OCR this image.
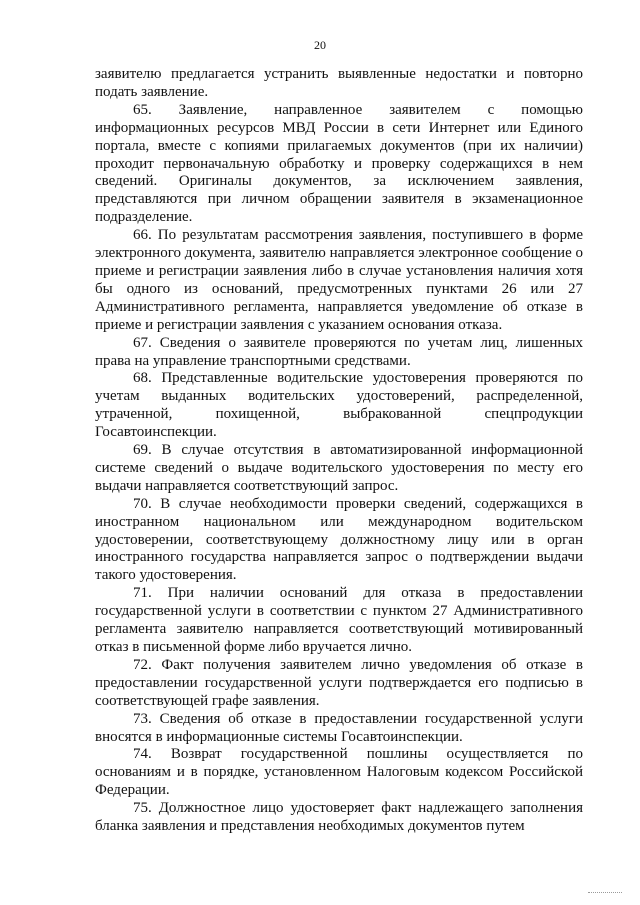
20

заявителю предлагается устранить выявленные недостатки и повторно подать заявление.

65. Заявление, направленное заявителем с помощью информационных ресурсов МВД России в сети Интернет или Единого портала, вместе с копиями прилагаемых документов (при их наличии) проходит первоначальную обработку и проверку содержащихся в нем сведений. Оригиналы документов, за исключением заявления, представляются при личном обращении заявителя в экзаменационное подразделение.

66. По результатам рассмотрения заявления, поступившего в форме электронного документа, заявителю направляется электронное сообщение о приеме и регистрации заявления либо в случае установления наличия хотя бы одного из оснований, предусмотренных пунктами 26 или 27 Административного регламента, направляется уведомление об отказе в приеме и регистрации заявления с указанием основания отказа.

67. Сведения о заявителе проверяются по учетам лиц, лишенных права на управление транспортными средствами.

68. Представленные водительские удостоверения проверяются по учетам выданных водительских удостоверений, распределенной, утраченной, похищенной, выбракованной спецпродукции Госавтоинспекции.

69. В случае отсутствия в автоматизированной информационной системе сведений о выдаче водительского удостоверения по месту его выдачи направляется соответствующий запрос.

70. В случае необходимости проверки сведений, содержащихся в иностранном национальном или международном водительском удостоверении, соответствующему должностному лицу или в орган иностранного государства направляется запрос о подтверждении выдачи такого удостоверения.

71. При наличии оснований для отказа в предоставлении государственной услуги в соответствии с пунктом 27 Административного регламента заявителю направляется соответствующий мотивированный отказ в письменной форме либо вручается лично.

72. Факт получения заявителем лично уведомления об отказе в предоставлении государственной услуги подтверждается его подписью в соответствующей графе заявления.

73. Сведения об отказе в предоставлении государственной услуги вносятся в информационные системы Госавтоинспекции.

74. Возврат государственной пошлины осуществляется по основаниям и в порядке, установленном Налоговым кодексом Российской Федерации.

75. Должностное лицо удостоверяет факт надлежащего заполнения бланка заявления и представления необходимых документов путем
